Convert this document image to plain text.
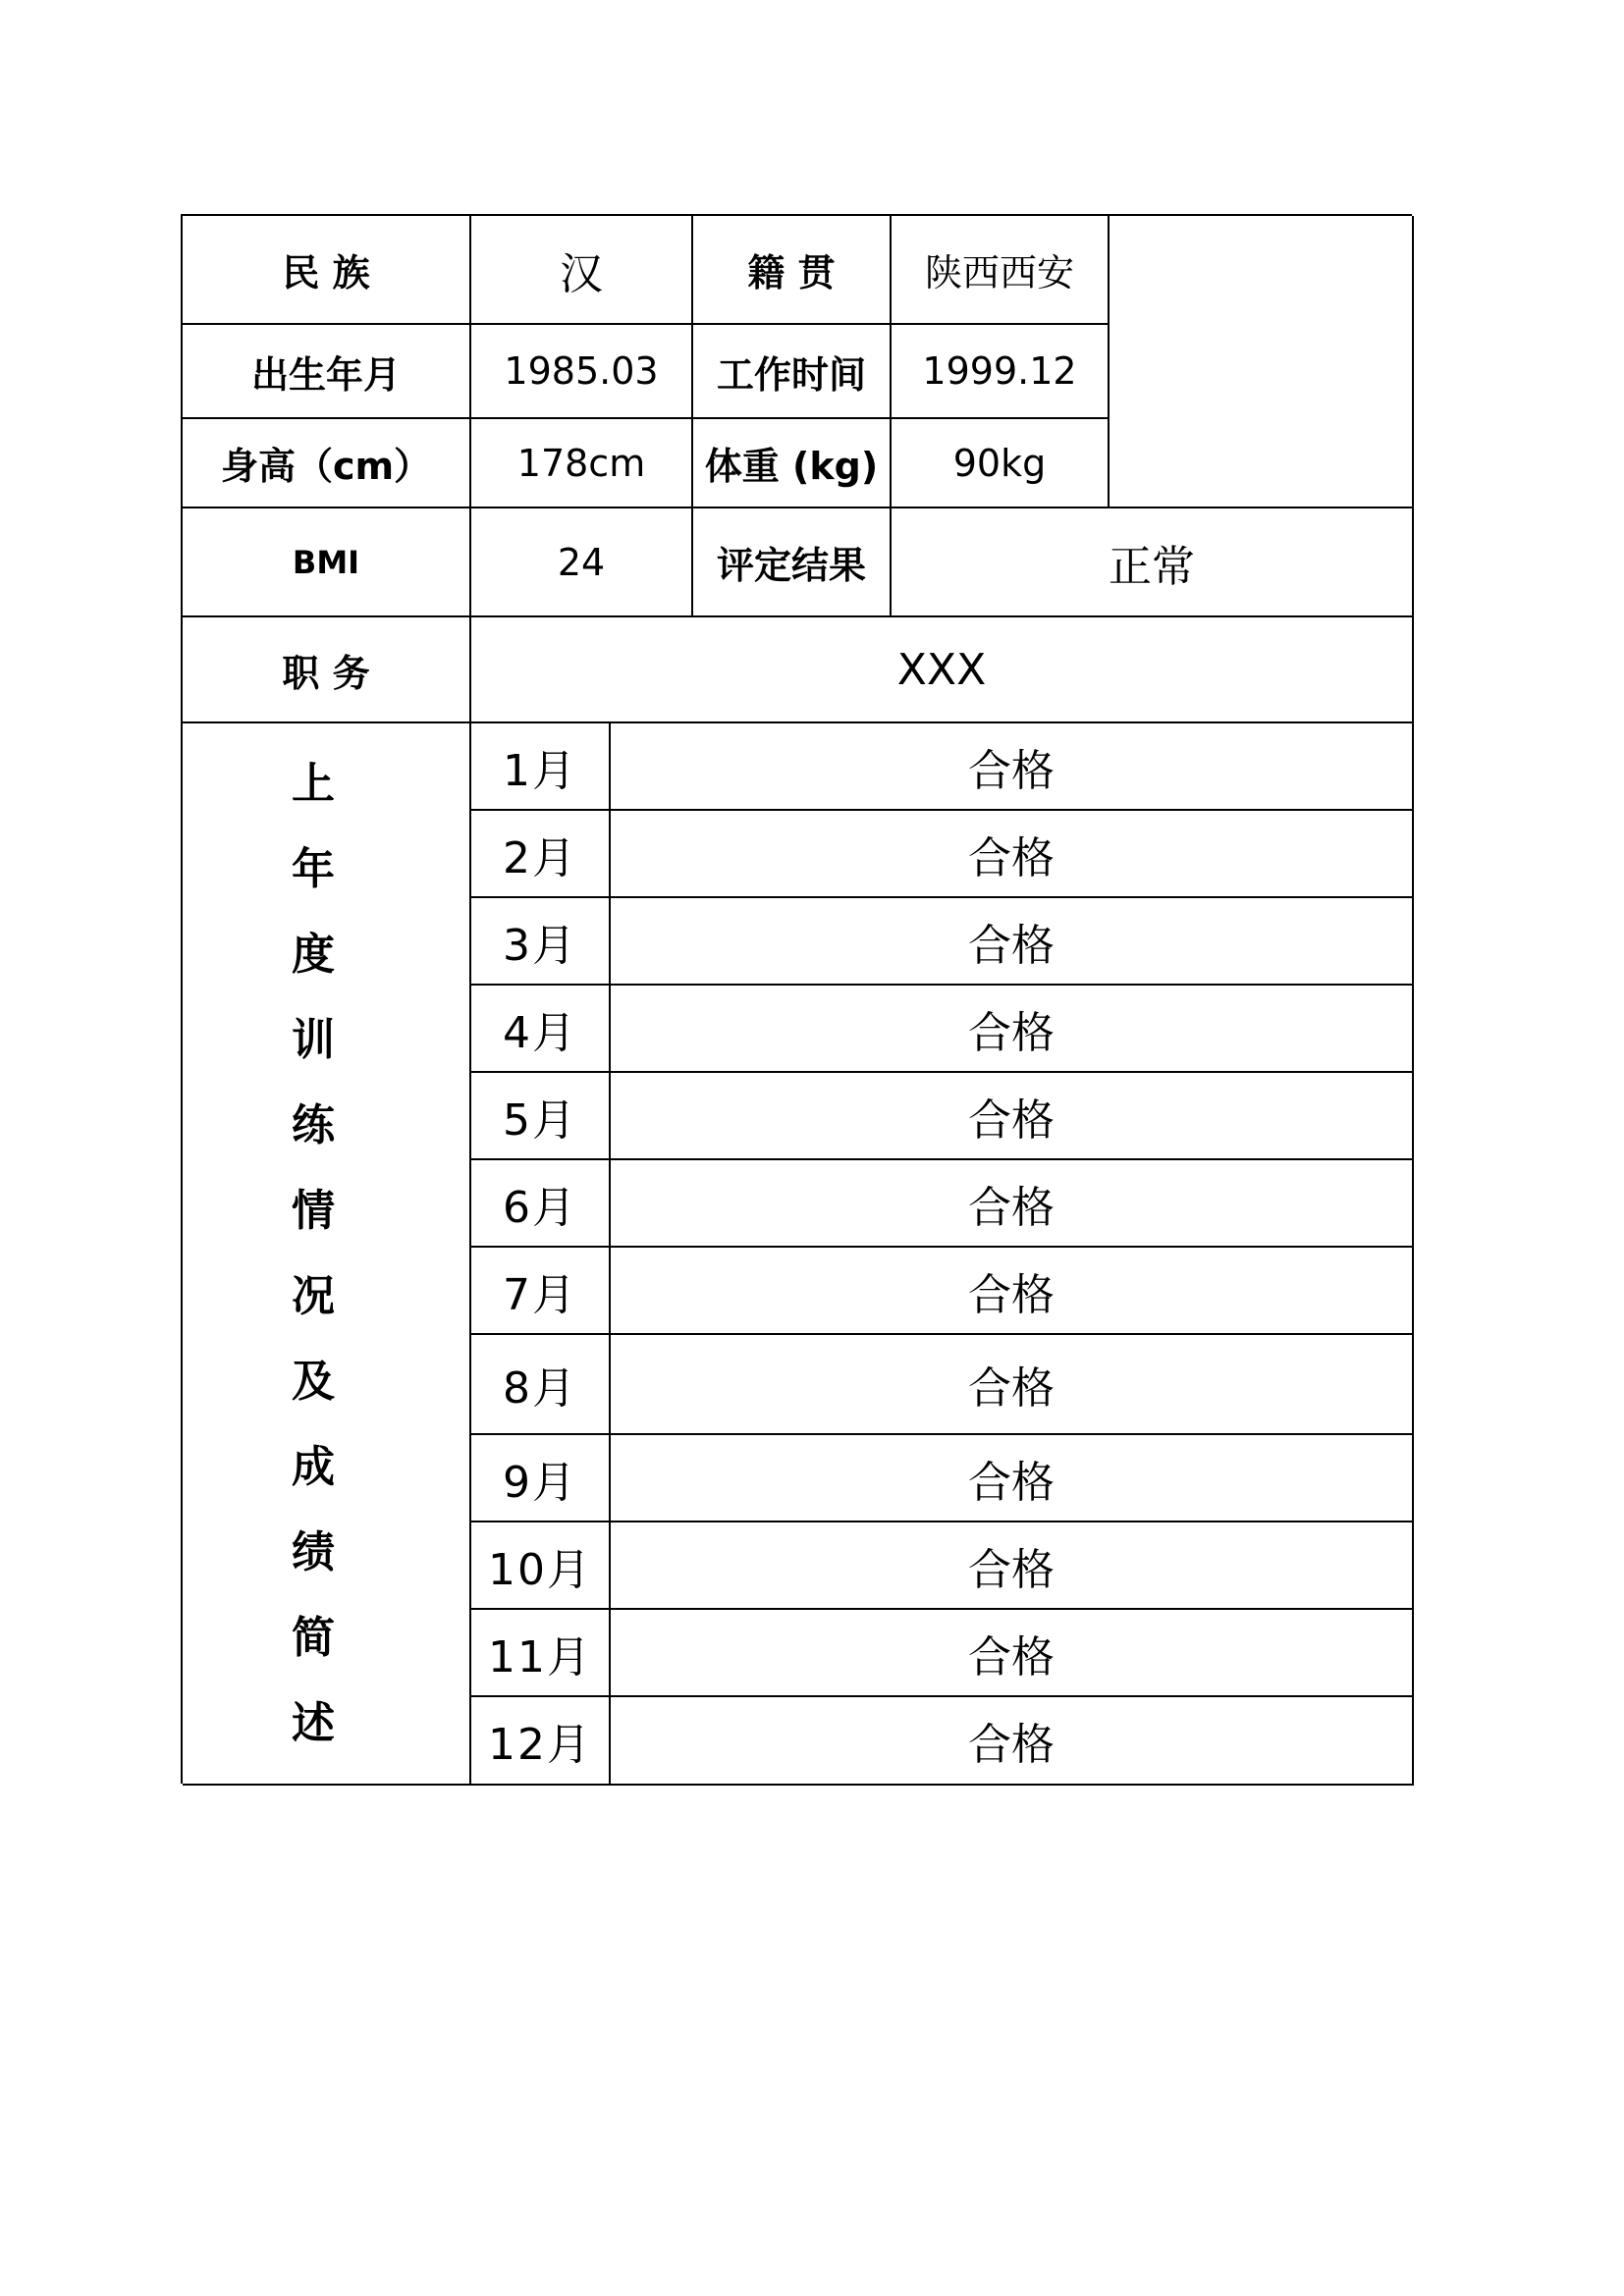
民 族	汉	籍 贯	陕西西安
出生年月	1985.03	工作时间	1999.12
身高（cm）	178cm	体重 (kg)	90kg
BMI	24	评定结果	正常
职 务	XXX
上
年
度
训
练
情
况
及
成
绩
简
述
1月	合格
2月	合格
3月	合格
4月	合格
5月	合格
6月	合格
7月	合格
8月	合格
9月	合格
10月	合格
11月	合格
12月	合格
